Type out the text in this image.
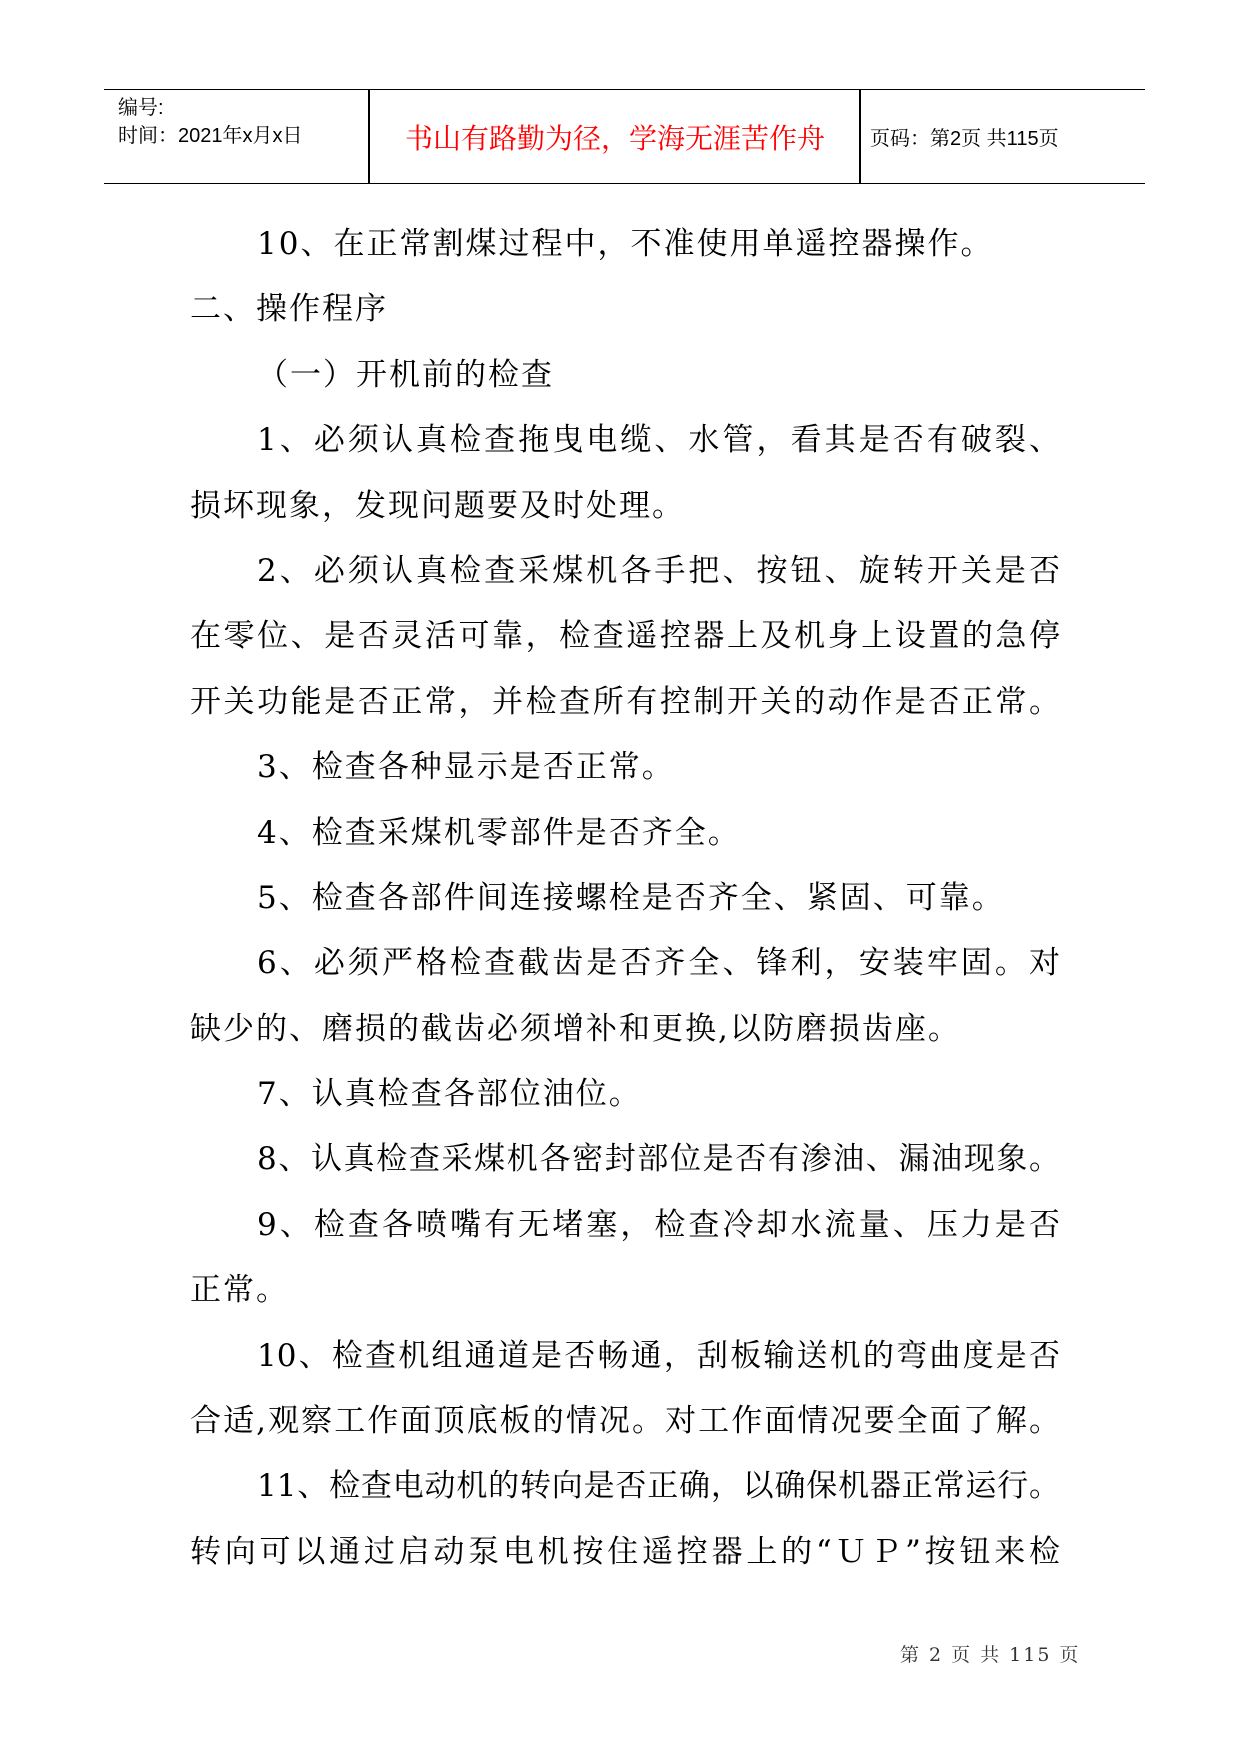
编号:
时间：2021年x月x日	书山有路勤为径，学海无涯苦作舟	页码：第2页 共115页
10、在正常割煤过程中，不准使用单遥控器操作。
二、操作程序
（一）开机前的检查
1、必须认真检查拖曳电缆、水管，看其是否有破裂、
损坏现象，发现问题要及时处理。
2、必须认真检查采煤机各手把、按钮、旋转开关是否
在零位、是否灵活可靠，检查遥控器上及机身上设置的急停
开关功能是否正常，并检查所有控制开关的动作是否正常。
3、检查各种显示是否正常。
4、检查采煤机零部件是否齐全。
5、检查各部件间连接螺栓是否齐全、紧固、可靠。
6、必须严格检查截齿是否齐全、锋利，安装牢固。对
缺少的、磨损的截齿必须增补和更换,以防磨损齿座。
7、认真检查各部位油位。
8、认真检查采煤机各密封部位是否有渗油、漏油现象。
9、检查各喷嘴有无堵塞，检查冷却水流量、压力是否
正常。
10、检查机组通道是否畅通，刮板输送机的弯曲度是否
合适,观察工作面顶底板的情况。对工作面情况要全面了解。
11、检查电动机的转向是否正确，以确保机器正常运行。
转向可以通过启动泵电机按住遥控器上的“ＵＰ”按钮来检
第 2 页 共 115 页
